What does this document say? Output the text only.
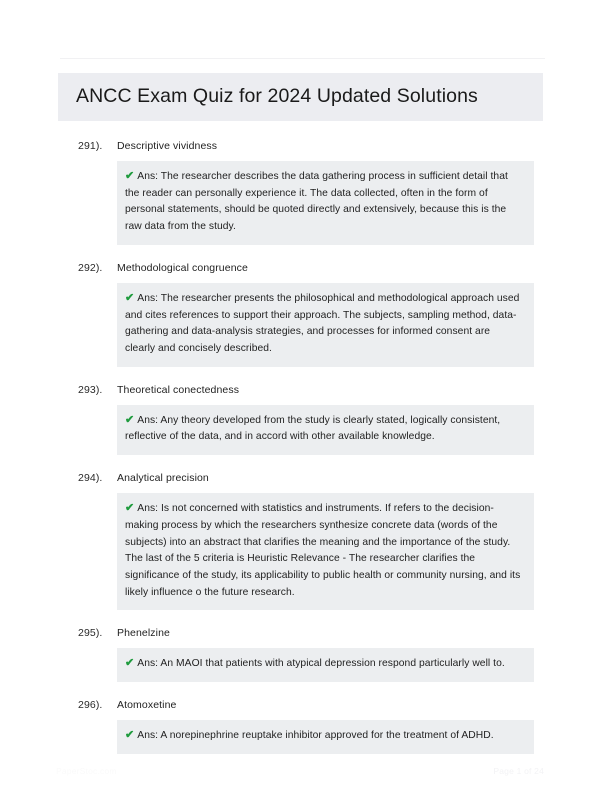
ANCC Exam Quiz for 2024 Updated Solutions
291).	Descriptive vividness

✔ Ans: The researcher describes the data gathering process in sufficient detail that the reader can personally experience it. The data collected, often in the form of personal statements, should be quoted directly and extensively, because this is the raw data from the study.

292).	Methodological congruence

✔ Ans: The researcher presents the philosophical and methodological approach used and cites references to support their approach. The subjects, sampling method, data-gathering and data-analysis strategies, and processes for informed consent are clearly and concisely described.

293).	Theoretical conectedness

✔ Ans: Any theory developed from the study is clearly stated, logically consistent, reflective of the data, and in accord with other available knowledge.

294).	Analytical precision

✔ Ans: Is not concerned with statistics and instruments. If refers to the decision-making process by which the researchers synthesize concrete data (words of the subjects) into an abstract that clarifies the meaning and the importance of the study. The last of the 5 criteria is Heuristic Relevance - The researcher clarifies the significance of the study, its applicability to public health or community nursing, and its likely influence o the future research.

295).	Phenelzine

✔ Ans: An MAOI that patients with atypical depression respond particularly well to.

296).	Atomoxetine

✔ Ans: A norepinephrine reuptake inhibitor approved for the treatment of ADHD.

PaperStoc.com	Page 1 of 24
